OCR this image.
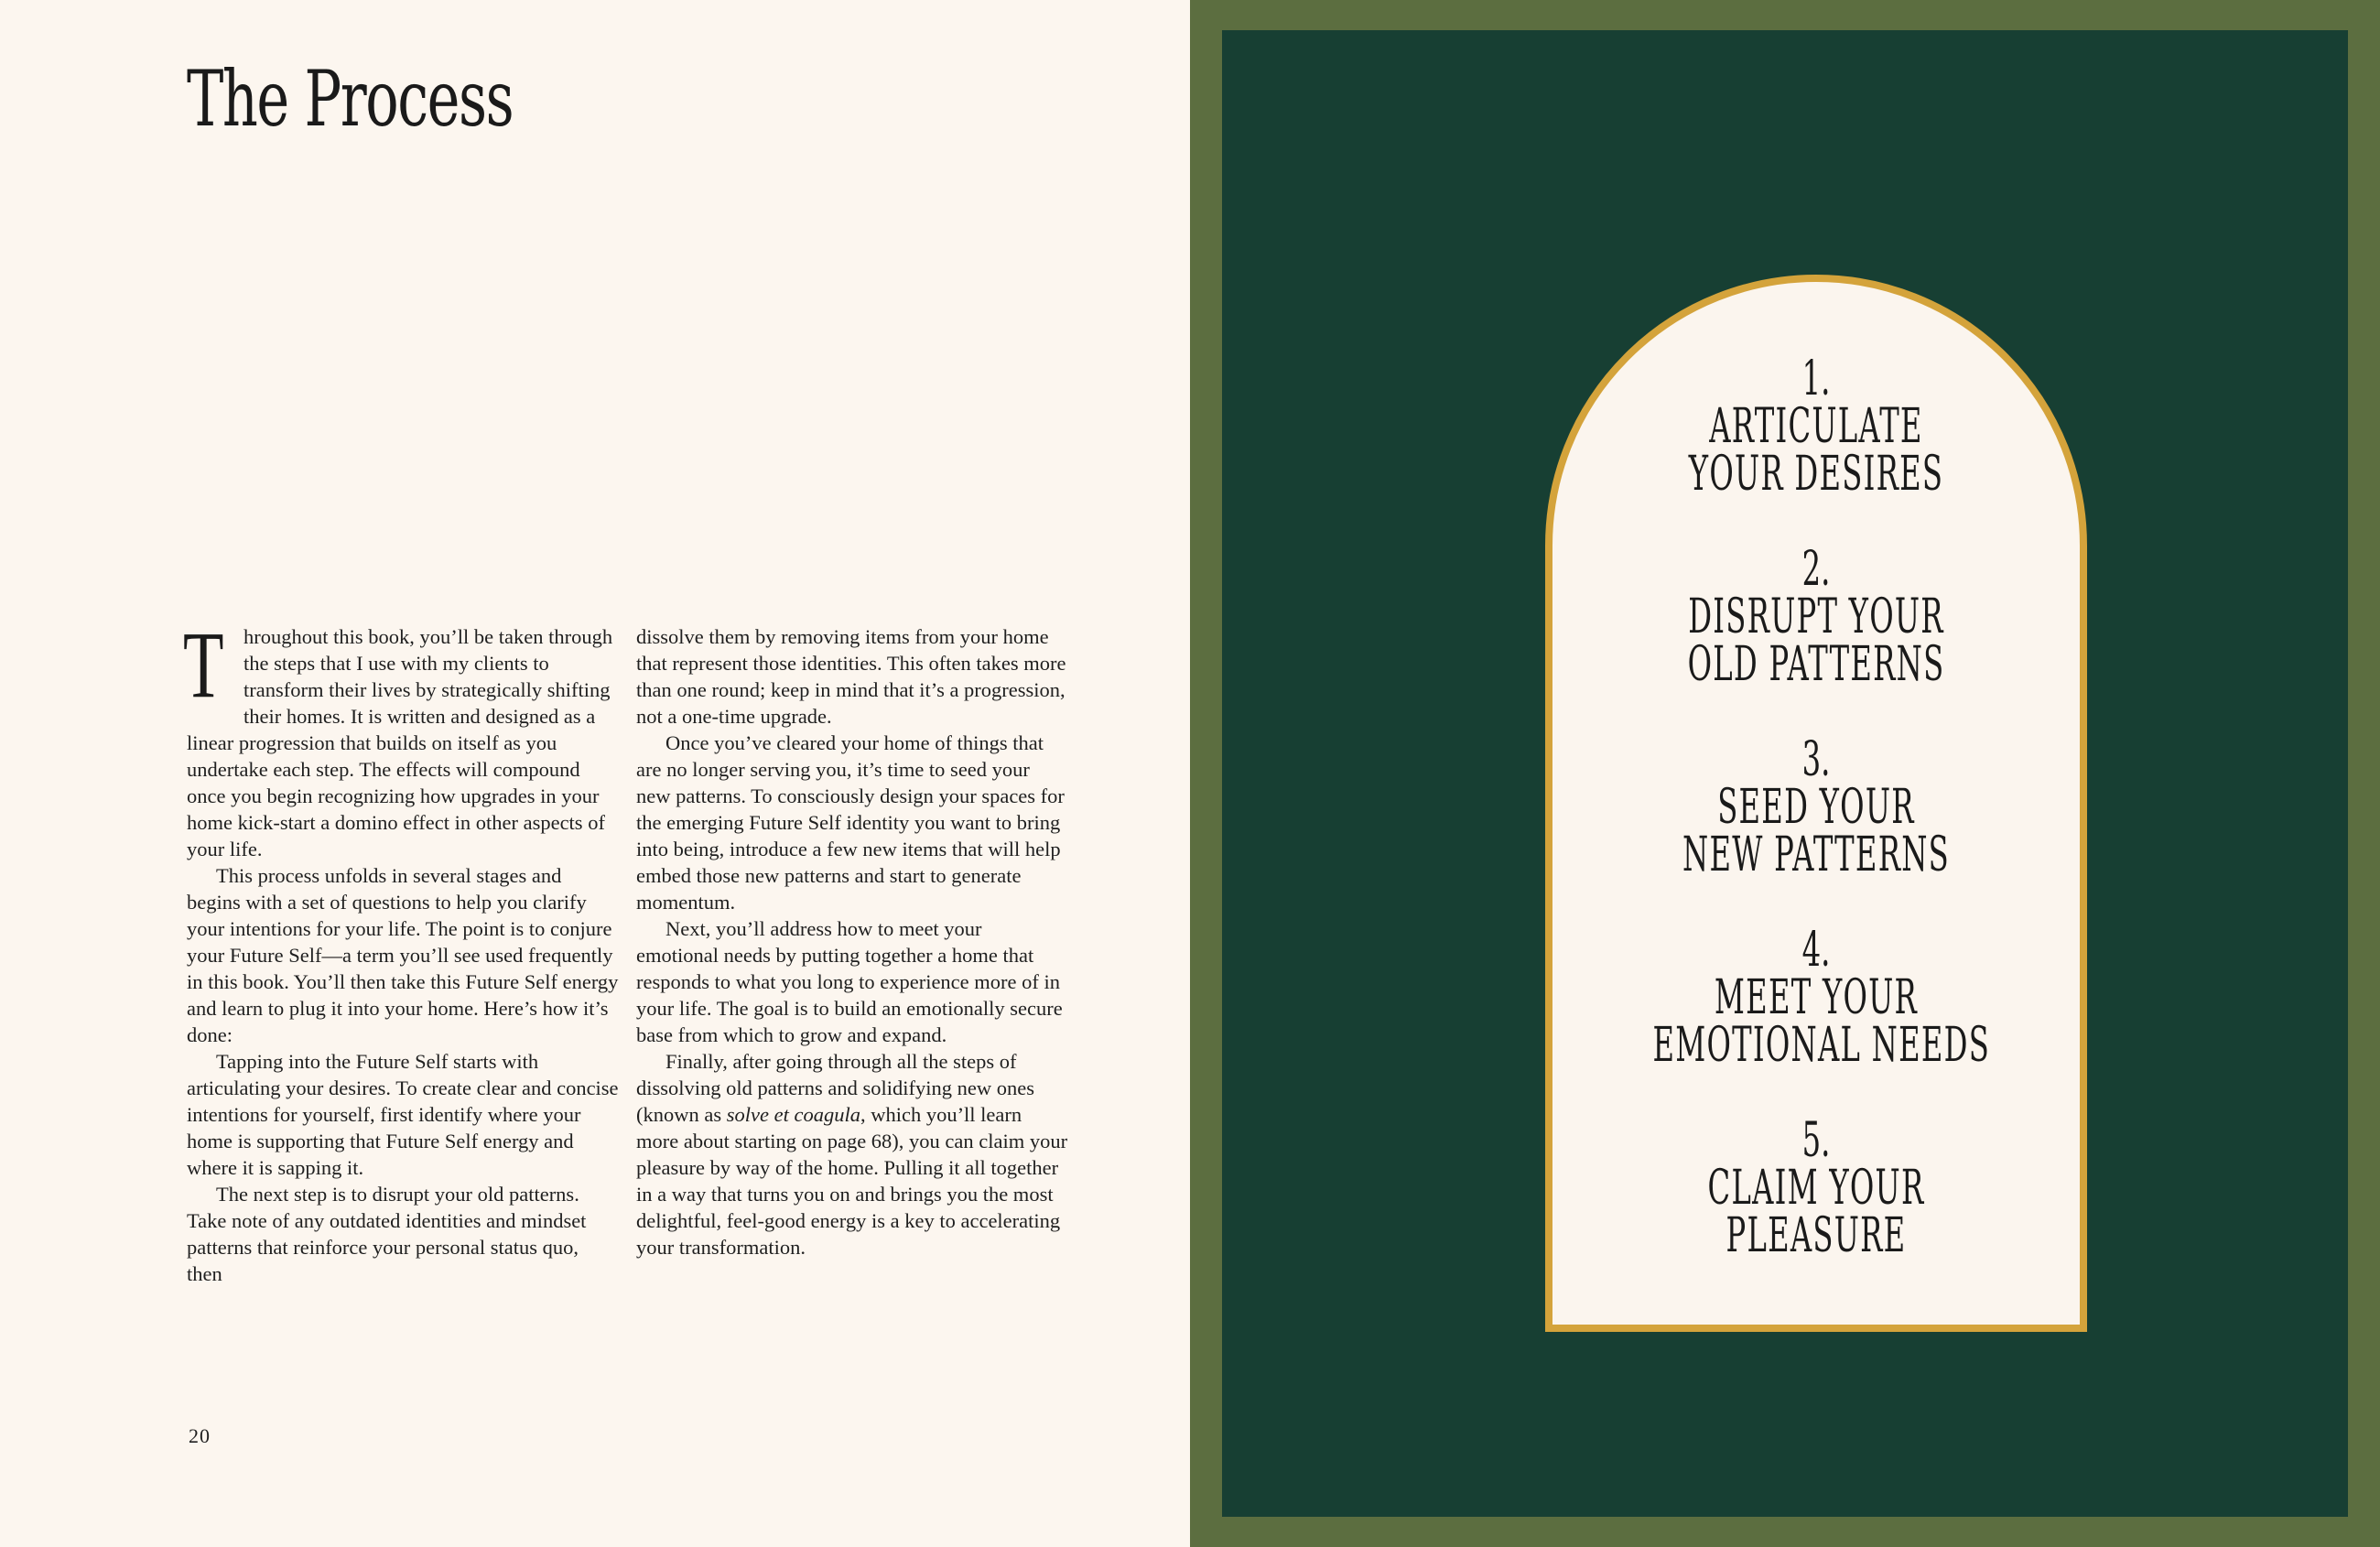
The Process

Throughout this book, you’ll be taken through the steps that I use with my clients to transform their lives by strategically shifting their homes. It is written and designed as a linear progression that builds on itself as you undertake each step. The effects will compound once you begin recognizing how upgrades in your home kick-start a domino effect in other aspects of your life.

This process unfolds in several stages and begins with a set of questions to help you clarify your intentions for your life. The point is to conjure your Future Self—a term you’ll see used frequently in this book. You’ll then take this Future Self energy and learn to plug it into your home. Here’s how it’s done:

Tapping into the Future Self starts with articulating your desires. To create clear and concise intentions for yourself, first identify where your home is supporting that Future Self energy and where it is sapping it.

The next step is to disrupt your old patterns. Take note of any outdated identities and mindset patterns that reinforce your personal status quo, then

dissolve them by removing items from your home that represent those identities. This often takes more than one round; keep in mind that it’s a progression, not a one-time upgrade.

Once you’ve cleared your home of things that are no longer serving you, it’s time to seed your new patterns. To consciously design your spaces for the emerging Future Self identity you want to bring into being, introduce a few new items that will help embed those new patterns and start to generate momentum.

Next, you’ll address how to meet your emotional needs by putting together a home that responds to what you long to experience more of in your life. The goal is to build an emotionally secure base from which to grow and expand.

Finally, after going through all the steps of dissolving old patterns and solidifying new ones (known as solve et coagula, which you’ll learn more about starting on page 68), you can claim your pleasure by way of the home. Pulling it all together in a way that turns you on and brings you the most delightful, feel-good energy is a key to accelerating your transformation.

20
1.
ARTICULATE
YOUR DESIRES
2.
DISRUPT YOUR
OLD PATTERNS
3.
SEED YOUR
NEW PATTERNS
4.
MEET YOUR
EMOTIONAL NEEDS
5.
CLAIM YOUR
PLEASURE
